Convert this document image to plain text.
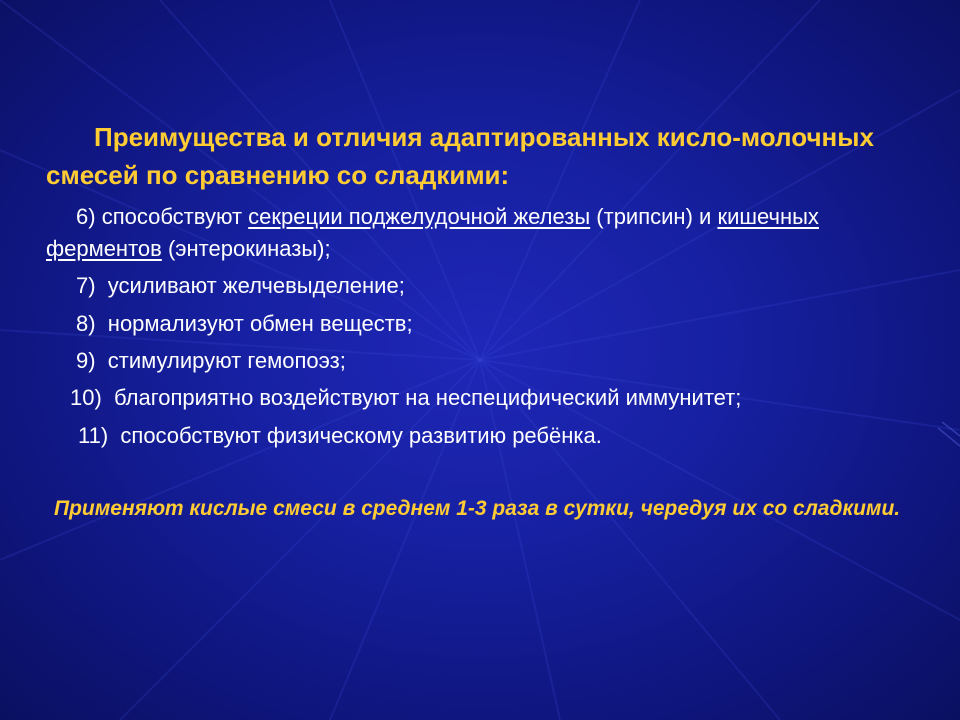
Преимущества и отличия адаптированных кисло-молочных смесей по сравнению со сладкими:

6) способствуют секреции поджелудочной железы (трипсин) и кишечных ферментов (энтерокиназы);

7) усиливают желчевыделение;

8) нормализуют обмен веществ;

9) стимулируют гемопоэз;

10) благоприятно воздействуют на неспецифический иммунитет;

11) способствуют физическому развитию ребёнка.

Применяют кислые смеси в среднем 1-3 раза в сутки, чередуя их со сладкими.
